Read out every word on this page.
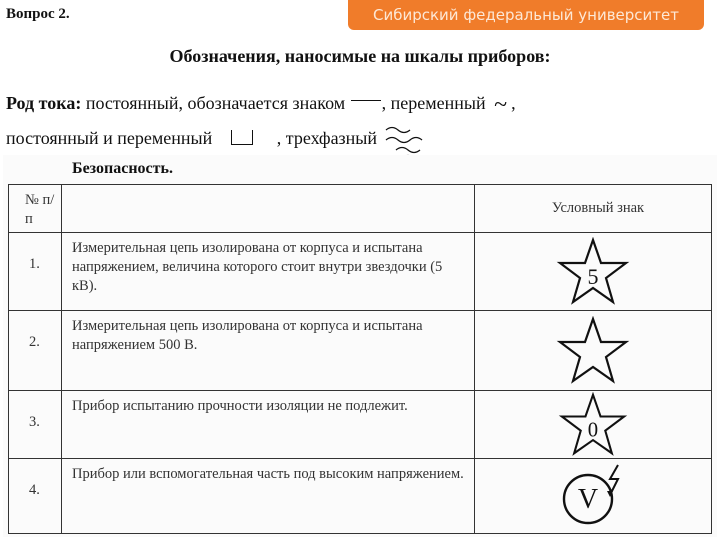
Вопрос 2.	Сибирский федеральный университет
Обозначения, наносимые на шкалы приборов:
Род тока: постоянный, обозначается знаком , переменный ~ ,
постоянный и переменный	, трехфазный
Безопасность.
№ п/п		Условный знак
1.	Измерительная цепь изолирована от корпуса и испытана напряжением, величина которого стоит внутри звездочки (5 кВ).	5

2.	Измерительная цепь изолирована от корпуса и испытана напряжением 500 В.	

3.	Прибор испытанию прочности изоляции не подлежит.	0

4.	Прибор или вспомогательная часть под высоким напряжением.	V
